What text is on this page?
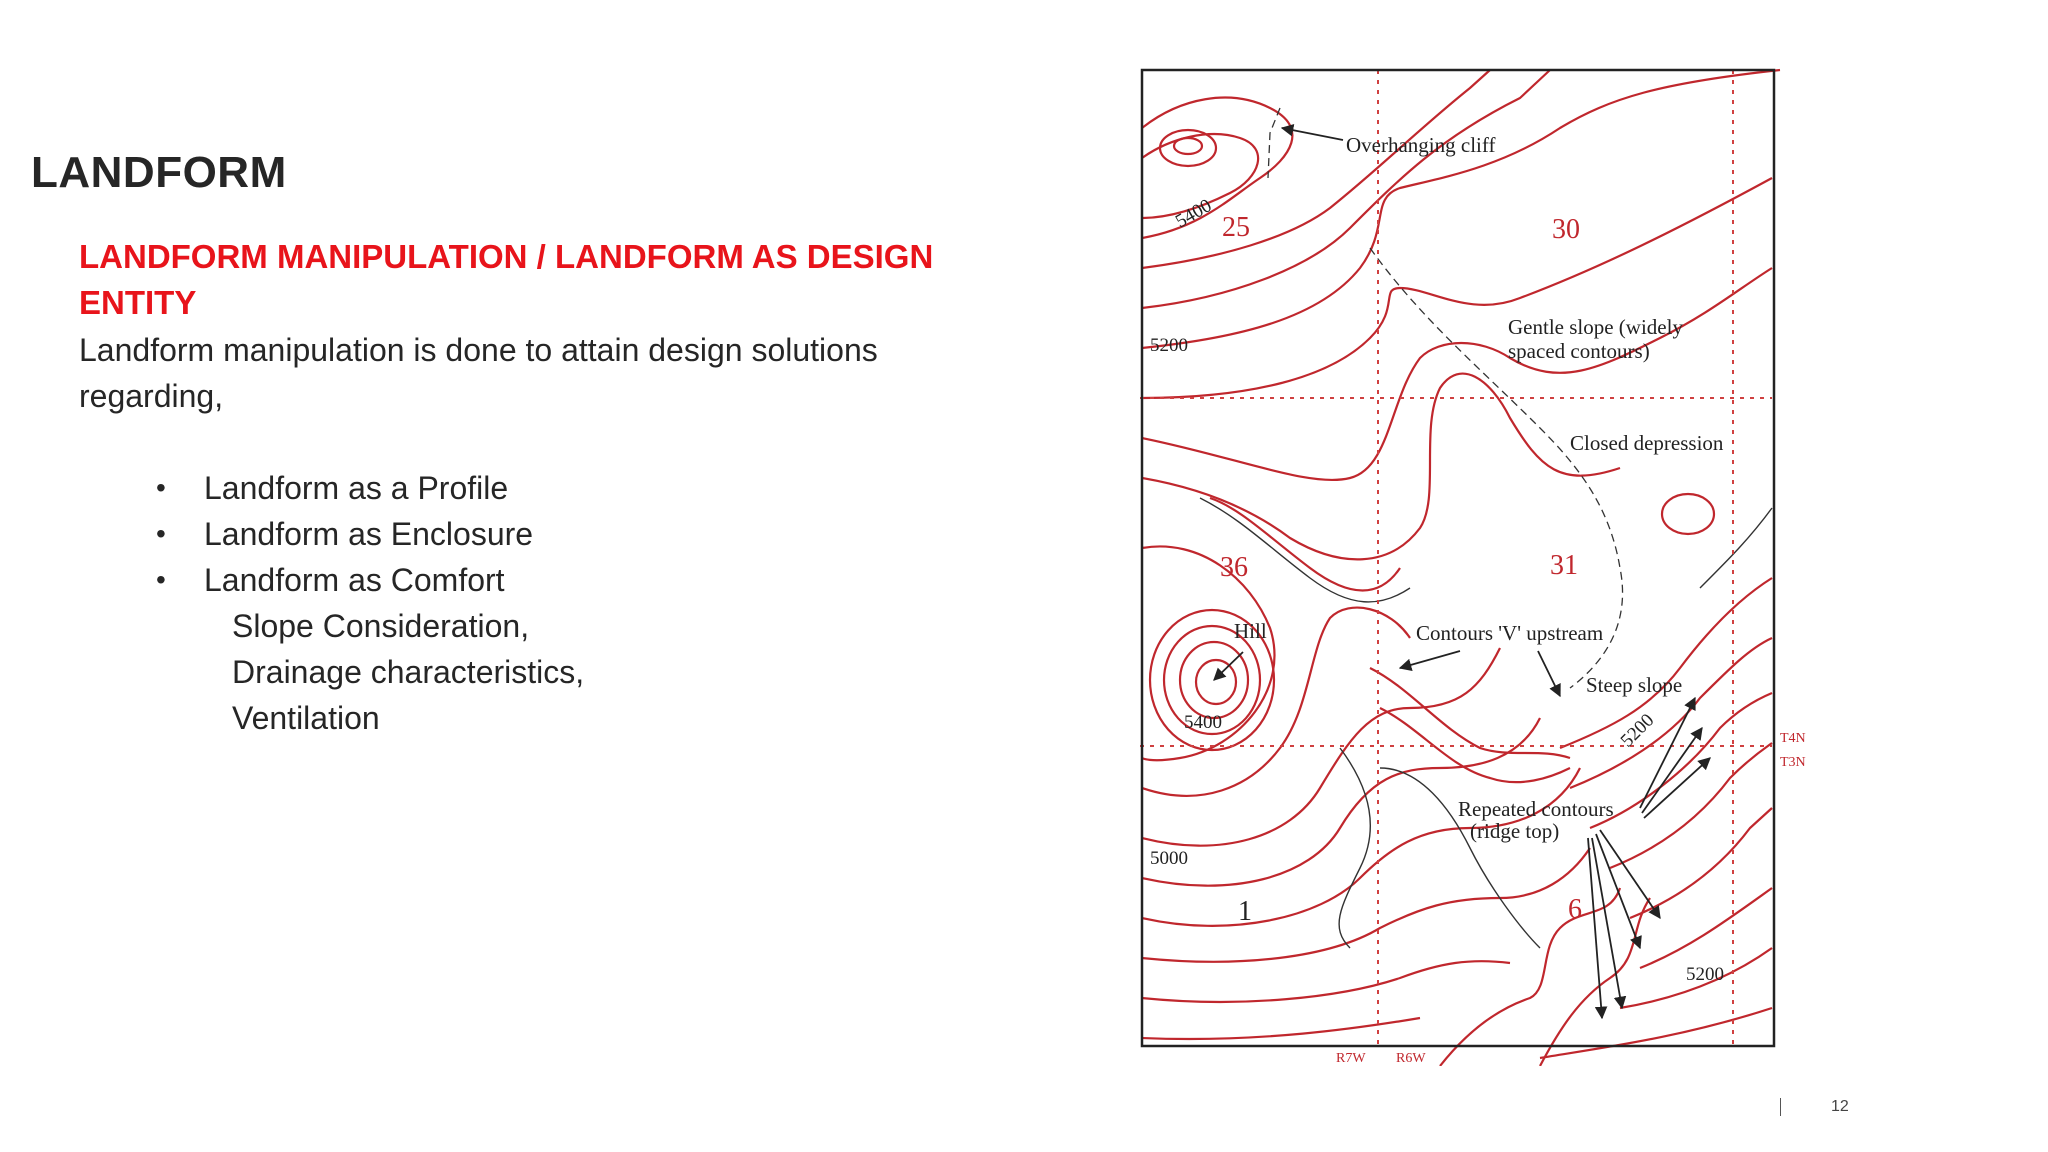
LANDFORM

LANDFORM MANIPULATION / LANDFORM AS DESIGN ENTITY

Landform manipulation is done to attain design solutions regarding,

• Landform as a Profile
• Landform as Enclosure
• Landform as Comfort
Slope Consideration,
Drainage characteristics,
Ventilation
Overhanging cliff
Gentle slope (widely
spaced contours)
Closed depression
Hill	Contours 'V' upstream
Steep slope
Repeated contours
(ridge top)
5200
5400
5000
5200
5400
5200
25	30
36	31
1	6
T4N
T3N
R7W R6W
12
